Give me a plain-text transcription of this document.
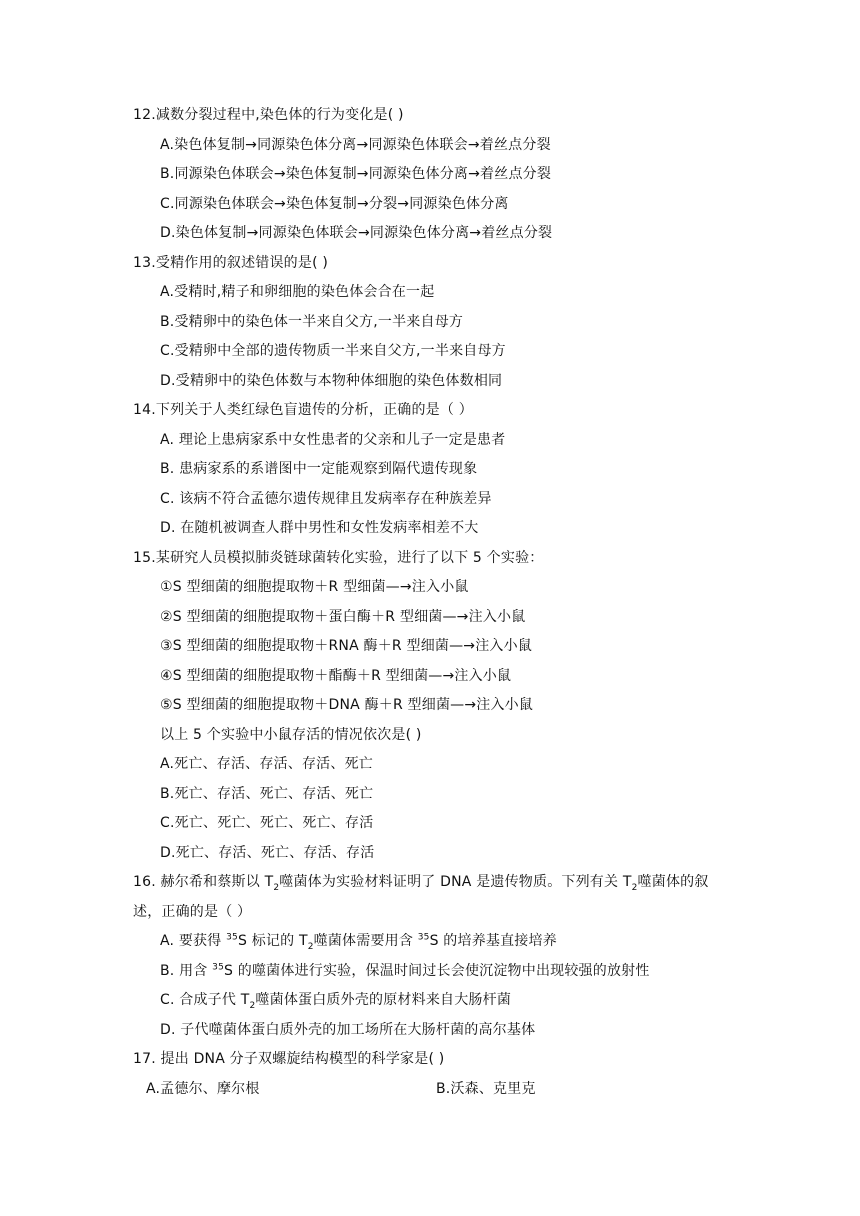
12.减数分裂过程中,染色体的行为变化是( )
A.染色体复制→同源染色体分离→同源染色体联会→着丝点分裂
B.同源染色体联会→染色体复制→同源染色体分离→着丝点分裂
C.同源染色体联会→染色体复制→分裂→同源染色体分离
D.染色体复制→同源染色体联会→同源染色体分离→着丝点分裂
13.受精作用的叙述错误的是( )
A.受精时,精子和卵细胞的染色体会合在一起
B.受精卵中的染色体一半来自父方,一半来自母方
C.受精卵中全部的遗传物质一半来自父方,一半来自母方
D.受精卵中的染色体数与本物种体细胞的染色体数相同
14.下列关于人类红绿色盲遗传的分析，正确的是（ ）
A. 理论上患病家系中女性患者的父亲和儿子一定是患者
B. 患病家系的系谱图中一定能观察到隔代遗传现象
C. 该病不符合孟德尔遗传规律且发病率存在种族差异
D. 在随机被调查人群中男性和女性发病率相差不大
15.某研究人员模拟肺炎链球菌转化实验，进行了以下 5 个实验：
①S 型细菌的细胞提取物＋R 型细菌—→注入小鼠
②S 型细菌的细胞提取物＋蛋白酶＋R 型细菌—→注入小鼠
③S 型细菌的细胞提取物＋RNA 酶＋R 型细菌—→注入小鼠
④S 型细菌的细胞提取物＋酯酶＋R 型细菌—→注入小鼠
⑤S 型细菌的细胞提取物＋DNA 酶＋R 型细菌—→注入小鼠
以上 5 个实验中小鼠存活的情况依次是( )
A.死亡、存活、存活、存活、死亡
B.死亡、存活、死亡、存活、死亡
C.死亡、死亡、死亡、死亡、存活
D.死亡、存活、死亡、存活、存活
16. 赫尔希和蔡斯以 $T_2$噬菌体为实验材料证明了 DNA 是遗传物质。下列有关 $T_2$噬菌体的叙
述，正确的是（ ）
A. 要获得 $^{35}$S 标记的 $T_2$噬菌体需要用含 $^{35}$S 的培养基直接培养
B. 用含 $^{35}$S 的噬菌体进行实验，保温时间过长会使沉淀物中出现较强的放射性
C. 合成子代 $T_2$噬菌体蛋白质外壳的原材料来自大肠杆菌
D. 子代噬菌体蛋白质外壳的加工场所在大肠杆菌的高尔基体
17. 提出 DNA 分子双螺旋结构模型的科学家是( )
A.孟德尔、摩尔根	B.沃森、克里克
